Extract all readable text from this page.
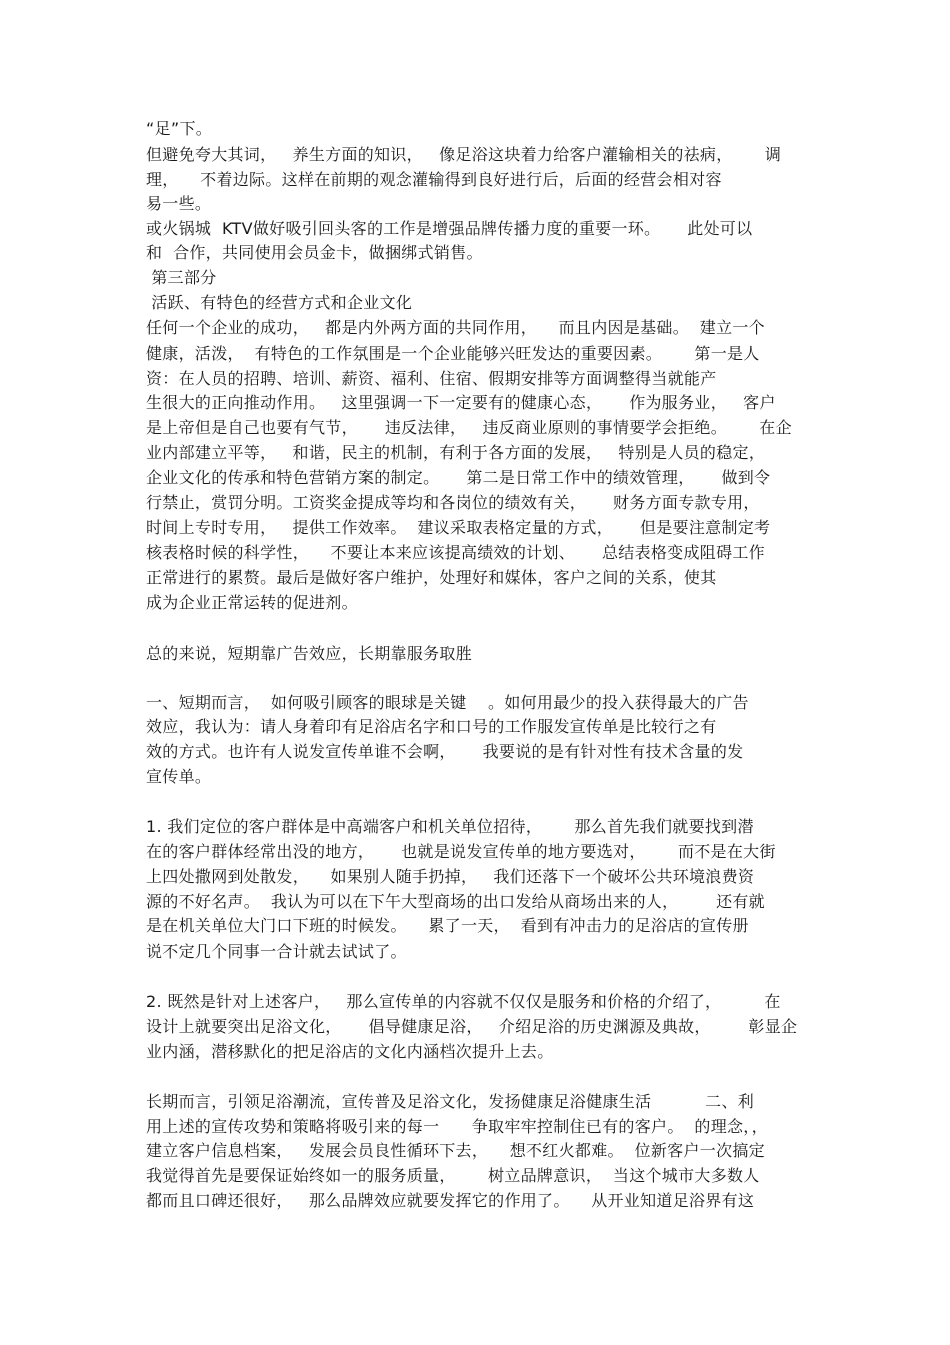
“足”下。
但避免夸大其词，   养生方面的知识，   像足浴这块着力给客户灌输相关的祛病，      调
理，    不着边际。这样在前期的观念灌输得到良好进行后，后面的经营会相对容
易一些。
或火锅城  KTV做好吸引回头客的工作是增强品牌传播力度的重要一环。     此处可以
和  合作，共同使用会员金卡，做捆绑式销售。
第三部分
活跃、有特色的经营方式和企业文化
任何一个企业的成功，   都是内外两方面的共同作用，    而且内因是基础。  建立一个
健康，活泼，  有特色的工作氛围是一个企业能够兴旺发达的重要因素。      第一是人
资：在人员的招聘、培训、薪资、福利、住宿、假期安排等方面调整得当就能产
生很大的正向推动作用。   这里强调一下一定要有的健康心态，     作为服务业，   客户
是上帝但是自己也要有气节，     违反法律，   违反商业原则的事情要学会拒绝。      在企
业内部建立平等，   和谐，民主的机制，有利于各方面的发展，   特别是人员的稳定，
企业文化的传承和特色营销方案的制定。     第二是日常工作中的绩效管理，     做到令
行禁止，赏罚分明。工资奖金提成等均和各岗位的绩效有关，     财务方面专款专用，
时间上专时专用，   提供工作效率。  建议采取表格定量的方式，     但是要注意制定考
核表格时候的科学性，    不要让本来应该提高绩效的计划、     总结表格变成阻碍工作
正常进行的累赘。最后是做好客户维护，处理好和媒体，客户之间的关系，使其
成为企业正常运转的促进剂。
总的来说，短期靠广告效应，长期靠服务取胜
一、短期而言，  如何吸引顾客的眼球是关键    。如何用最少的投入获得最大的广告
效应，我认为：请人身着印有足浴店名字和口号的工作服发宣传单是比较行之有
效的方式。也许有人说发宣传单谁不会啊，     我要说的是有针对性有技术含量的发
宣传单。
1. 我们定位的客户群体是中高端客户和机关单位招待，      那么首先我们就要找到潜
在的客户群体经常出没的地方，     也就是说发宣传单的地方要选对，      而不是在大街
上四处撒网到处散发，    如果别人随手扔掉，   我们还落下一个破坏公共环境浪费资
源的不好名声。  我认为可以在下午大型商场的出口发给从商场出来的人，       还有就
是在机关单位大门口下班的时候发。    累了一天，  看到有冲击力的足浴店的宣传册
说不定几个同事一合计就去试试了。
2. 既然是针对上述客户，   那么宣传单的内容就不仅仅是服务和价格的介绍了，        在
设计上就要突出足浴文化，     倡导健康足浴，   介绍足浴的历史渊源及典故，       彰显企
业内涵，潜移默化的把足浴店的文化内涵档次提升上去。
长期而言，引领足浴潮流，宣传普及足浴文化，发扬健康足浴健康生活          二、利
用上述的宣传攻势和策略将吸引来的每一      争取牢牢控制住已有的客户。  的理念，，
建立客户信息档案，   发展会员良性循环下去，    想不红火都难。  位新客户一次搞定
我觉得首先是要保证始终如一的服务质量，      树立品牌意识，  当这个城市大多数人
都而且口碑还很好，   那么品牌效应就要发挥它的作用了。    从开业知道足浴界有这
